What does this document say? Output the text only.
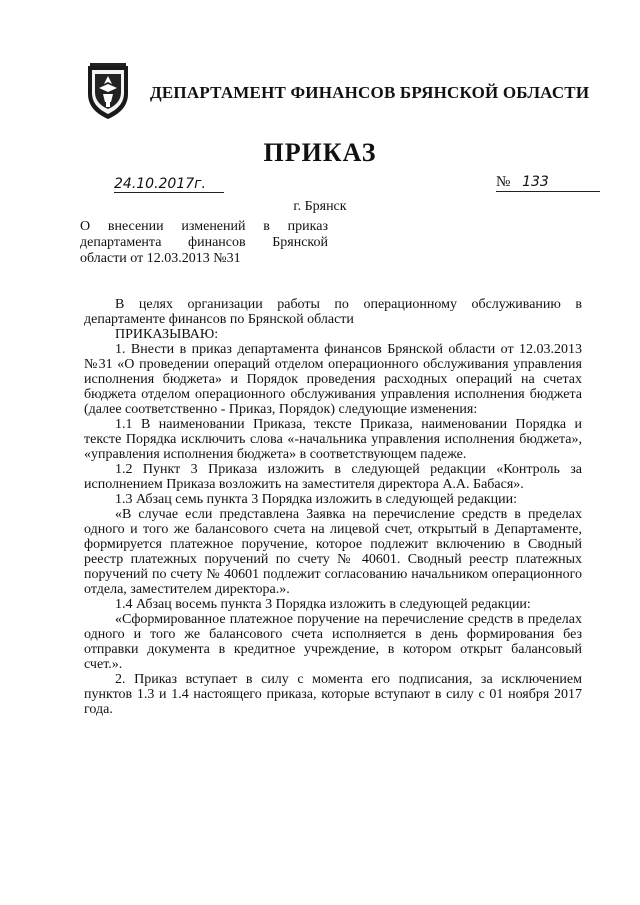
ДЕПАРТАМЕНТ ФИНАНСОВ БРЯНСКОЙ ОБЛАСТИ
ПРИКАЗ
24.10.2017г.	№ 133
г. Брянск
О внесении изменений в приказ департамента финансов Брянской области от 12.03.2013 №31

В целях организации работы по операционному обслуживанию в департаменте финансов по Брянской области

ПРИКАЗЫВАЮ:

1. Внести в приказ департамента финансов Брянской области от 12.03.2013 №31 «О проведении операций отделом операционного обслуживания управления исполнения бюджета» и Порядок проведения расходных операций на счетах бюджета отделом операционного обслуживания управления исполнения бюджета (далее соответственно - Приказ, Порядок) следующие изменения:

1.1 В наименовании Приказа, тексте Приказа, наименовании Порядка и тексте Порядка исключить слова «-начальника управления исполнения бюджета», «управления исполнения бюджета» в соответствующем падеже.

1.2 Пункт 3 Приказа изложить в следующей редакции «Контроль за исполнением Приказа возложить на заместителя директора А.А. Бабася».

1.3 Абзац семь пункта 3 Порядка изложить в следующей редакции:

«В случае если представлена Заявка на перечисление средств в пределах одного и того же балансового счета на лицевой счет, открытый в Департаменте, формируется платежное поручение, которое подлежит включению в Сводный реестр платежных поручений по счету № 40601. Сводный реестр платежных поручений по счету № 40601 подлежит согласованию начальником операционного отдела, заместителем директора.».

1.4 Абзац восемь пункта 3 Порядка изложить в следующей редакции:

«Сформированное платежное поручение на перечисление средств в пределах одного и того же балансового счета исполняется в день формирования без отправки документа в кредитное учреждение, в котором открыт балансовый счет.».

2. Приказ вступает в силу с момента его подписания, за исключением пунктов 1.3 и 1.4 настоящего приказа, которые вступают в силу с 01 ноября 2017 года.
